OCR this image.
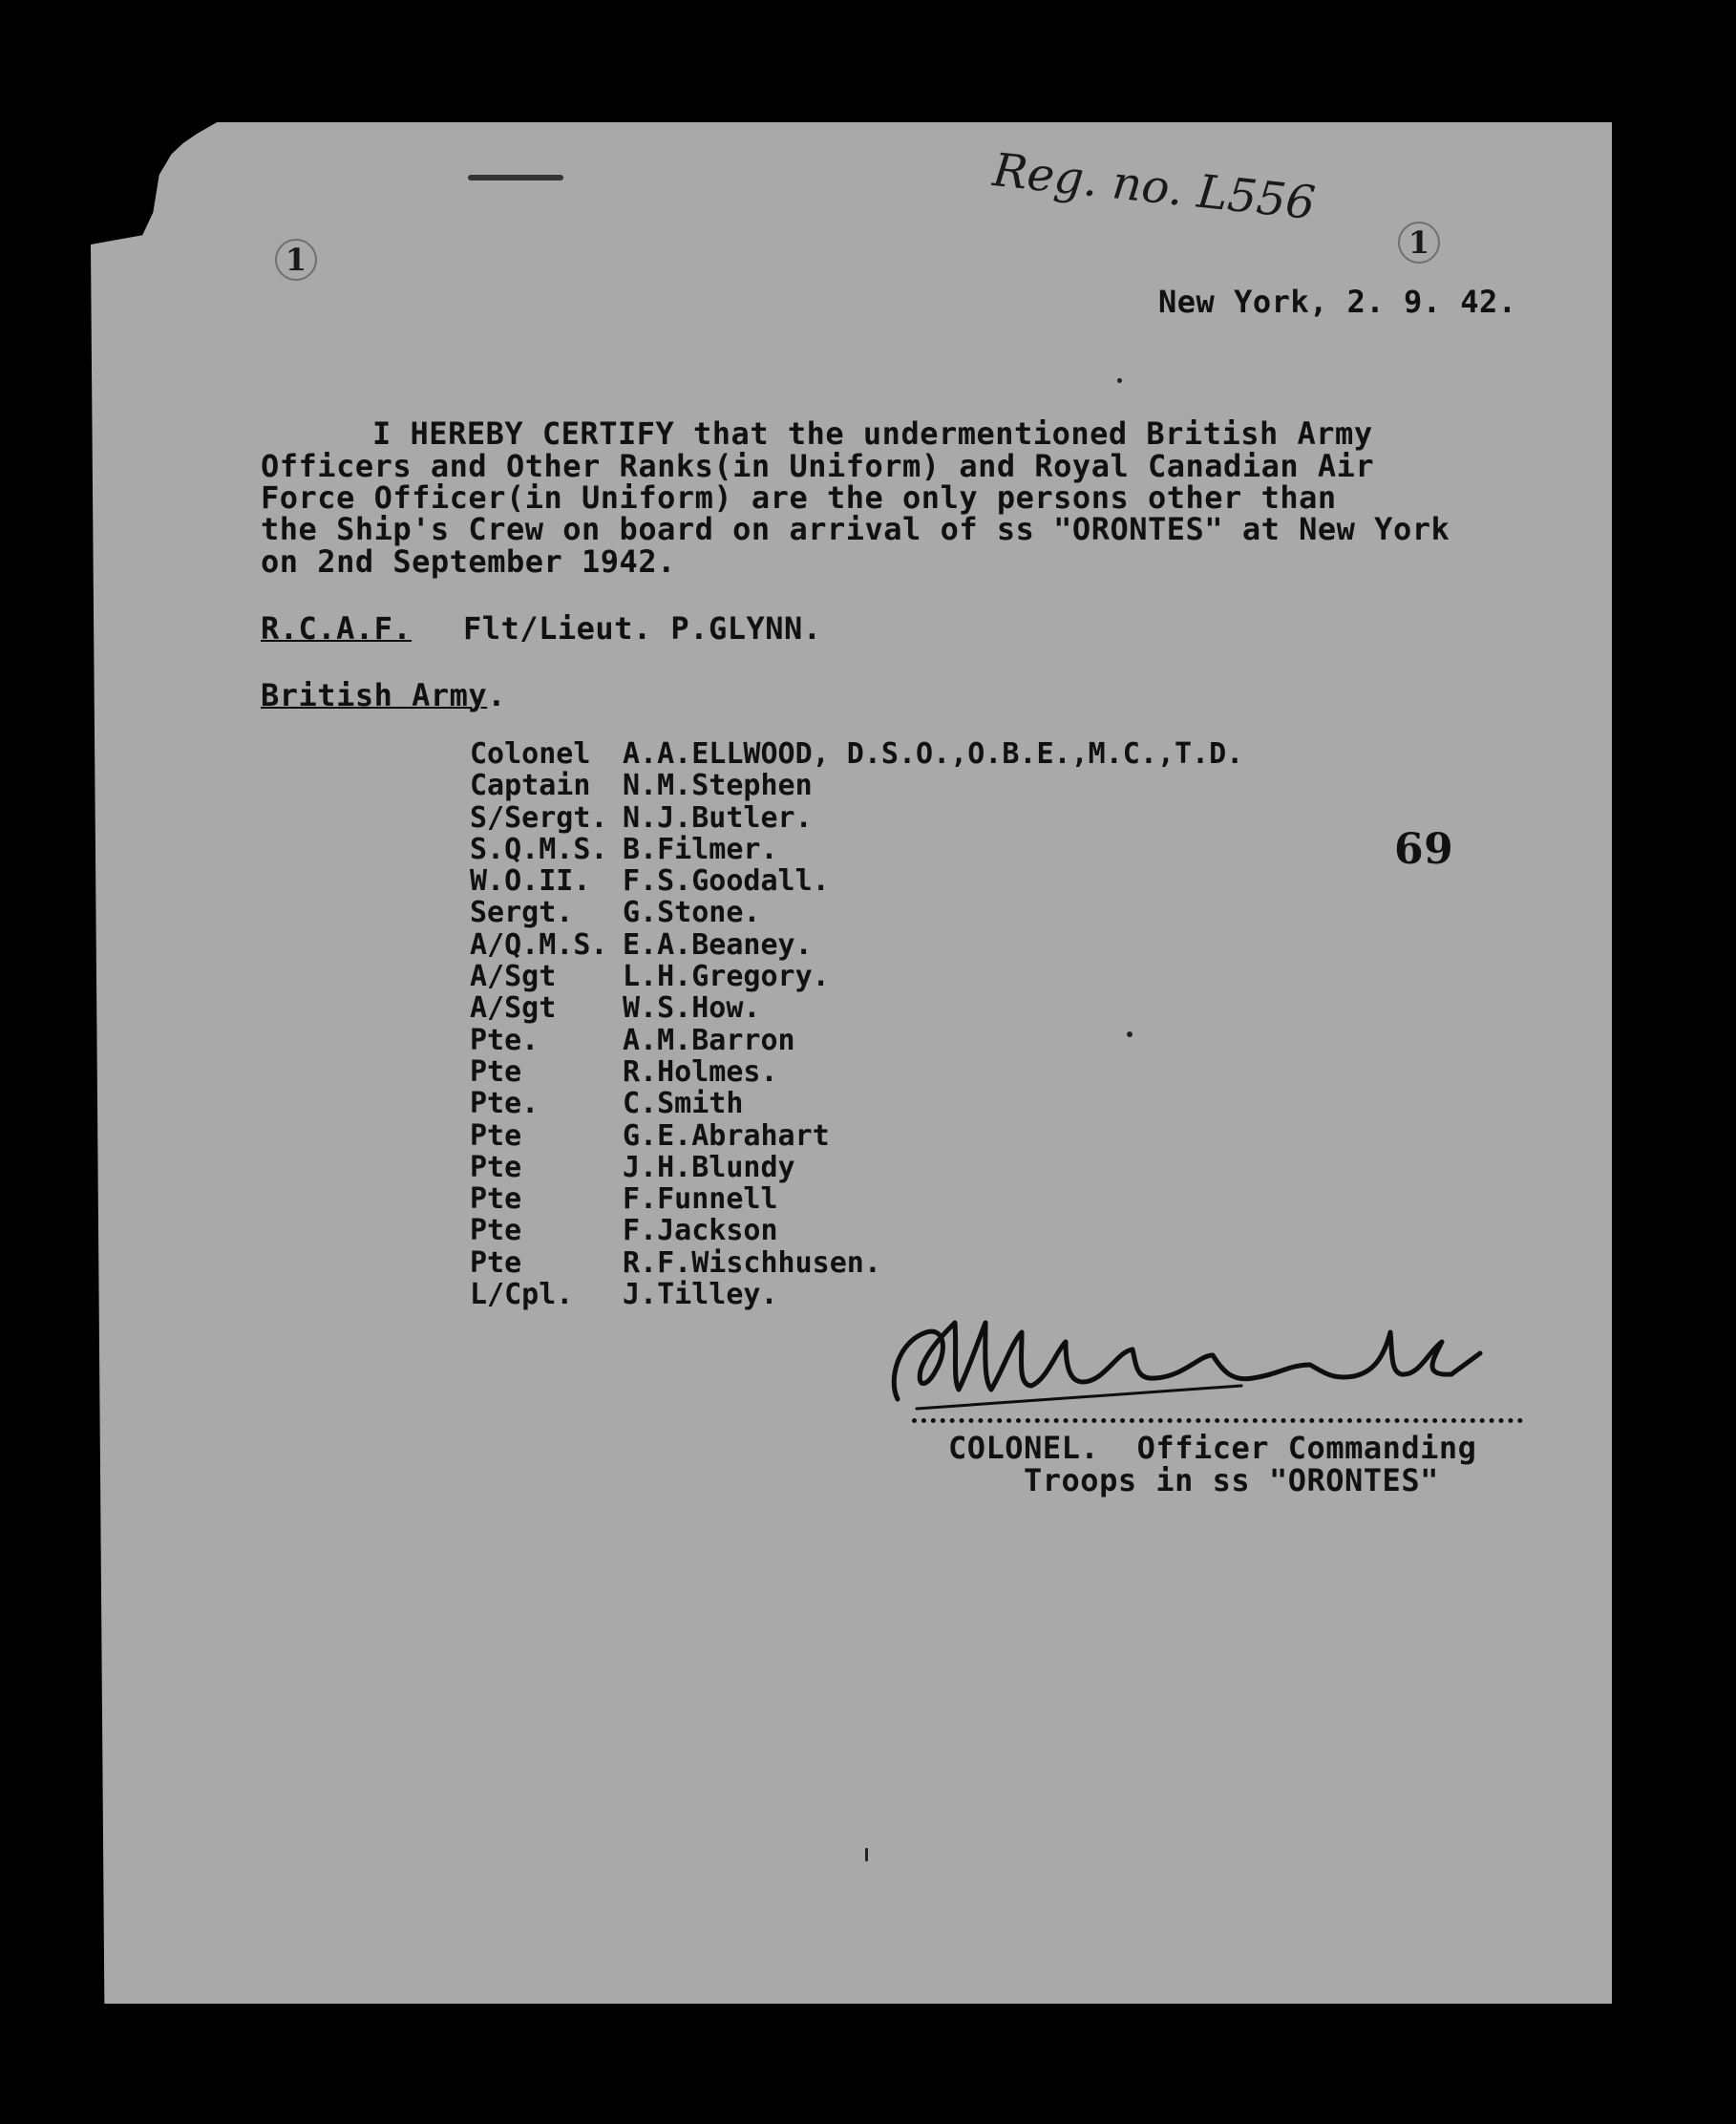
Reg. no. L556
1	1
New York, 2. 9. 42.
I HEREBY CERTIFY that the undermentioned British Army
Officers and Other Ranks(in Uniform) and Royal Canadian Air
Force Officer(in Uniform) are the only persons other than
the Ship's Crew on board on arrival of ss "ORONTES" at New York
on 2nd September 1942.
R.C.A.F. Flt/Lieut. P.GLYNN.
British Army.
69
Colonel	A.A.ELLWOOD, D.S.O.,O.B.E.,M.C.,T.D.
Captain	N.M.Stephen
S/Sergt. N.J.Butler.
S.Q.M.S. B.Filmer.
W.O.II.	F.S.Goodall.
Sergt.	G.Stone.
A/Q.M.S. E.A.Beaney.
A/Sgt	L.H.Gregory.
A/Sgt	W.S.How.
Pte.	A.M.Barron
Pte	R.Holmes.
Pte.	C.Smith
Pte	G.E.Abrahart
Pte	J.H.Blundy
Pte	F.Funnell
Pte	F.Jackson
Pte	R.F.Wischhusen.
L/Cpl.	J.Tilley.
COLONEL.  Officer Commanding
Troops in ss "ORONTES"
